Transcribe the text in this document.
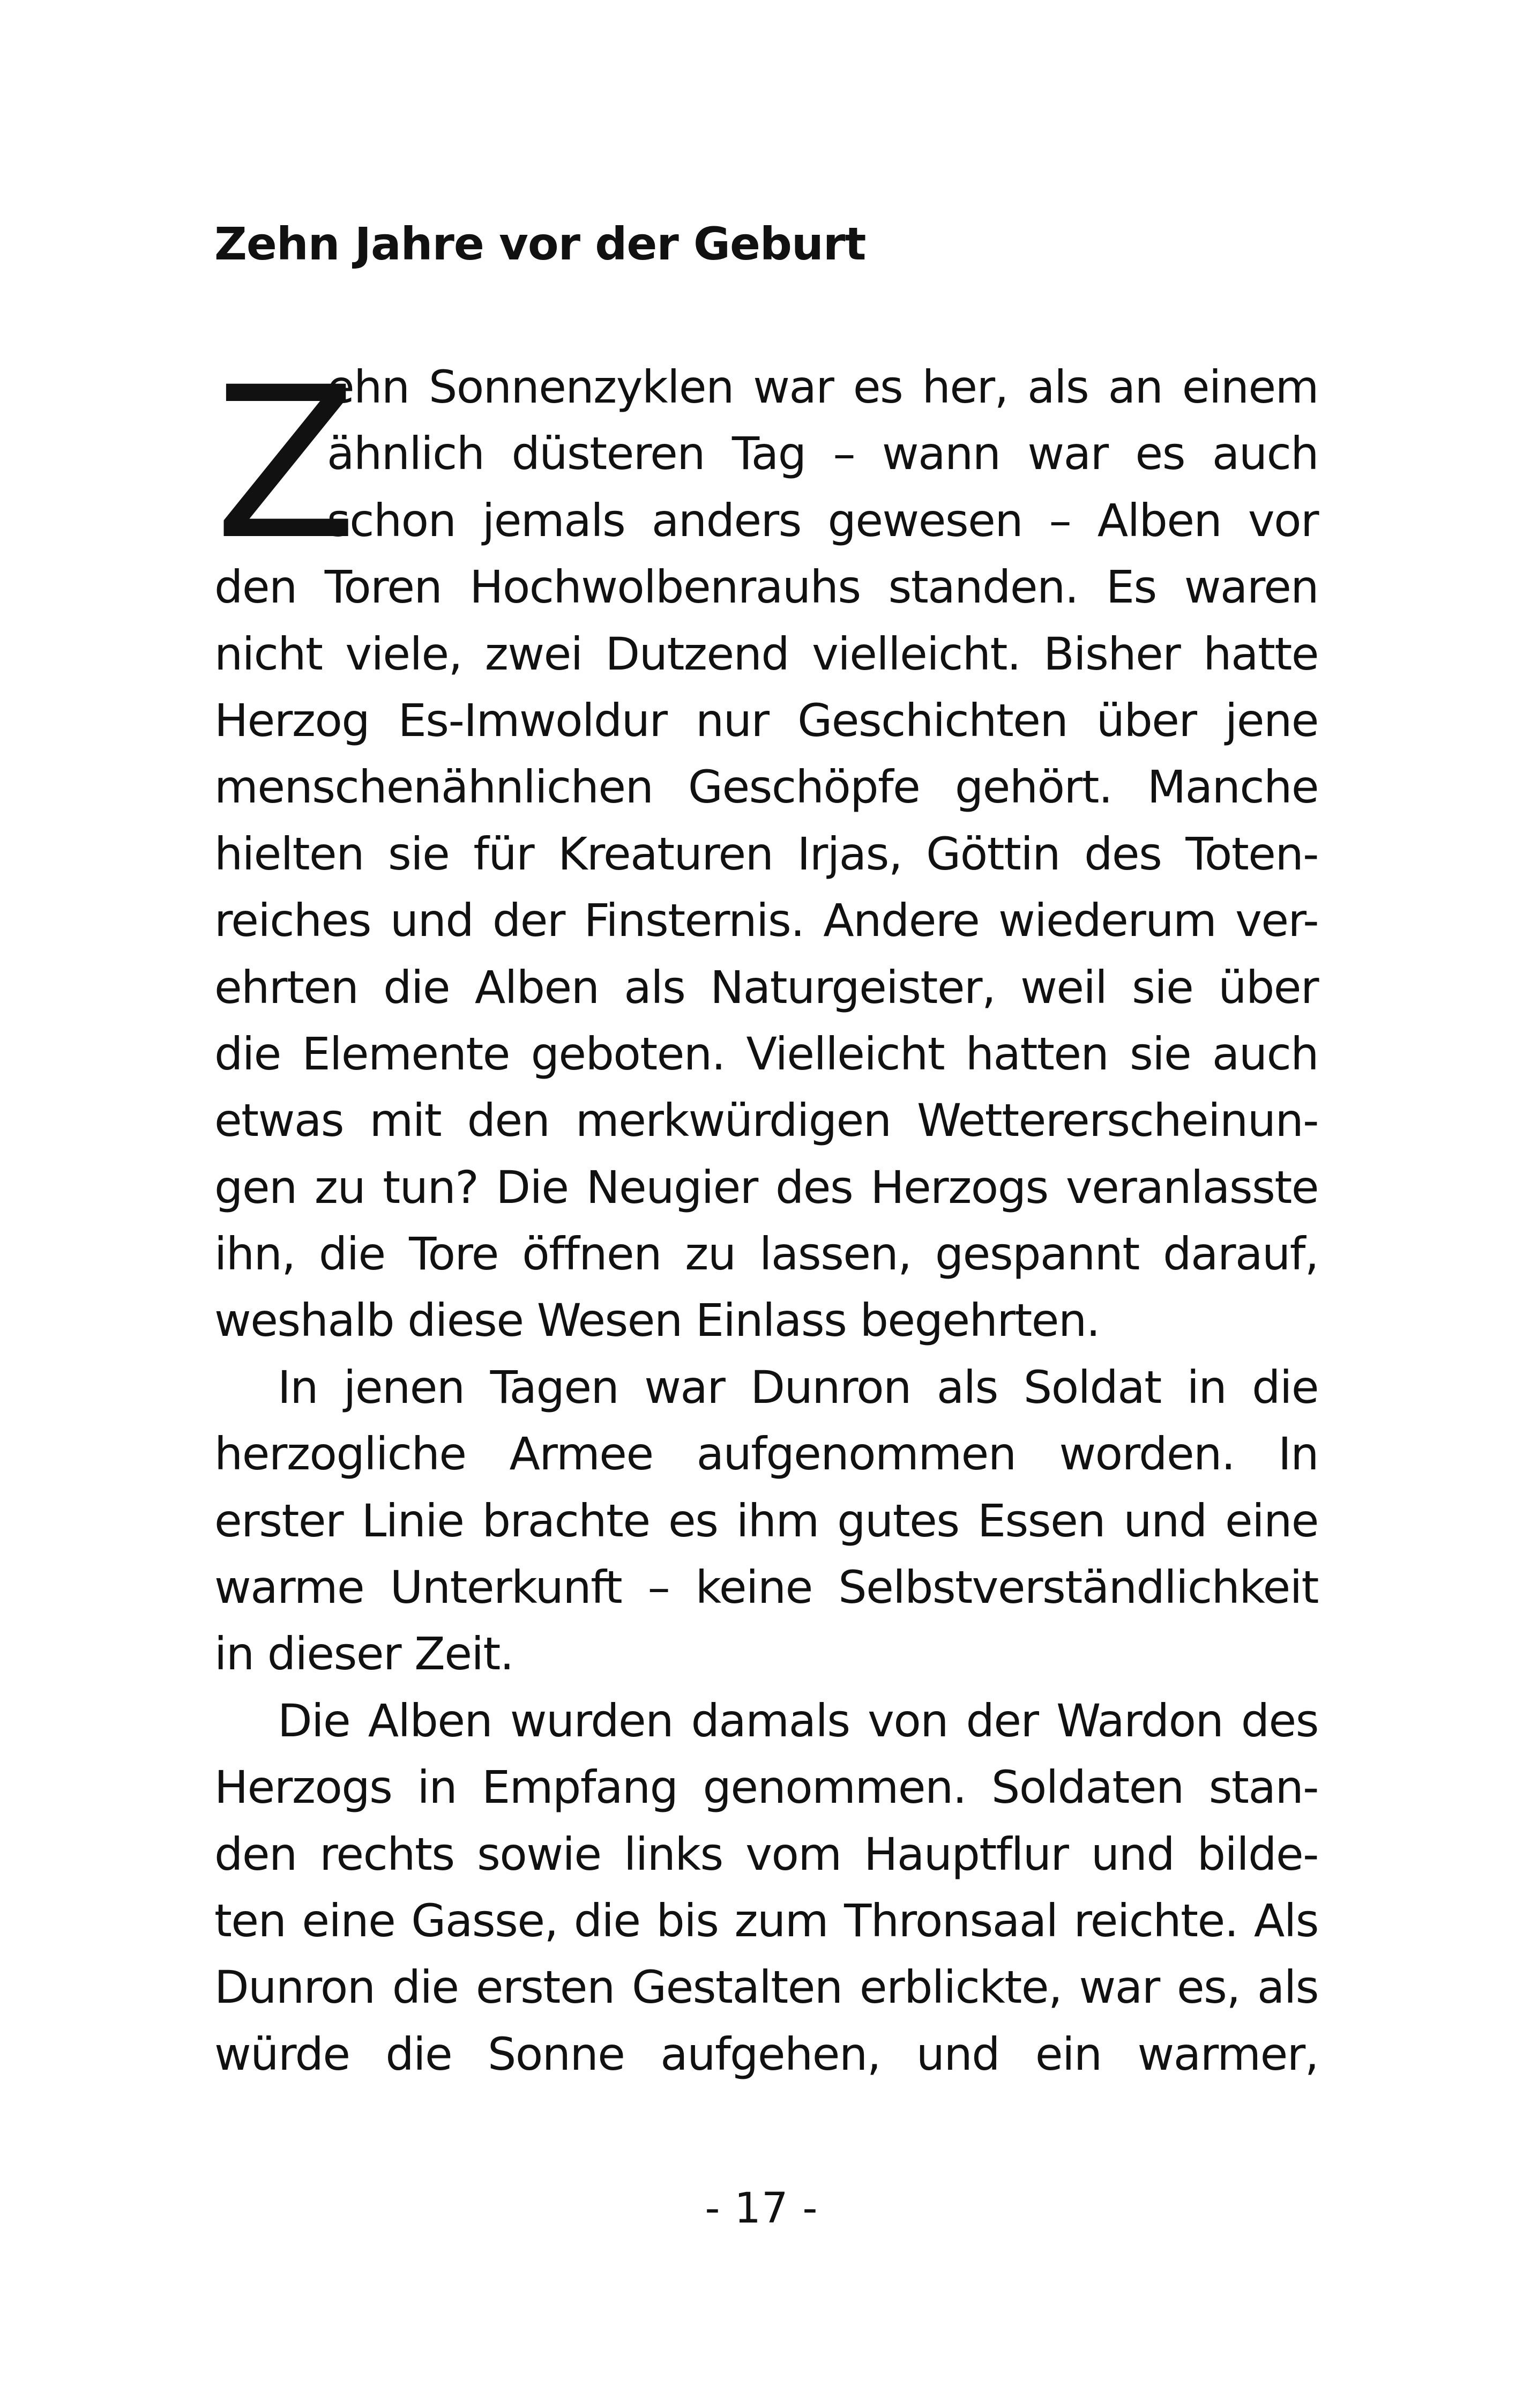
Zehn Jahre vor der Geburt
Z
ehn Sonnenzyklen war es her, als an einem
ähnlich düsteren Tag – wann war es auch
schon jemals anders gewesen – Alben vor
den Toren Hochwolbenrauhs standen. Es waren
nicht viele, zwei Dutzend vielleicht. Bisher hatte
Herzog Es-Imwoldur nur Geschichten über jene
menschenähnlichen Geschöpfe gehört. Manche
hielten sie für Kreaturen Irjas, Göttin des Toten-
reiches und der Finsternis. Andere wiederum ver-
ehrten die Alben als Naturgeister, weil sie über
die Elemente geboten. Vielleicht hatten sie auch
etwas mit den merkwürdigen Wettererscheinun-
gen zu tun? Die Neugier des Herzogs veranlasste
ihn, die Tore öffnen zu lassen, gespannt darauf,
weshalb diese Wesen Einlass begehrten.
In jenen Tagen war Dunron als Soldat in die
herzogliche Armee aufgenommen worden. In
erster Linie brachte es ihm gutes Essen und eine
warme Unterkunft – keine Selbstverständlichkeit
in dieser Zeit.
Die Alben wurden damals von der Wardon des
Herzogs in Empfang genommen. Soldaten stan-
den rechts sowie links vom Hauptflur und bilde-
ten eine Gasse, die bis zum Thronsaal reichte. Als
Dunron die ersten Gestalten erblickte, war es, als
würde die Sonne aufgehen, und ein warmer,
- 17 -
